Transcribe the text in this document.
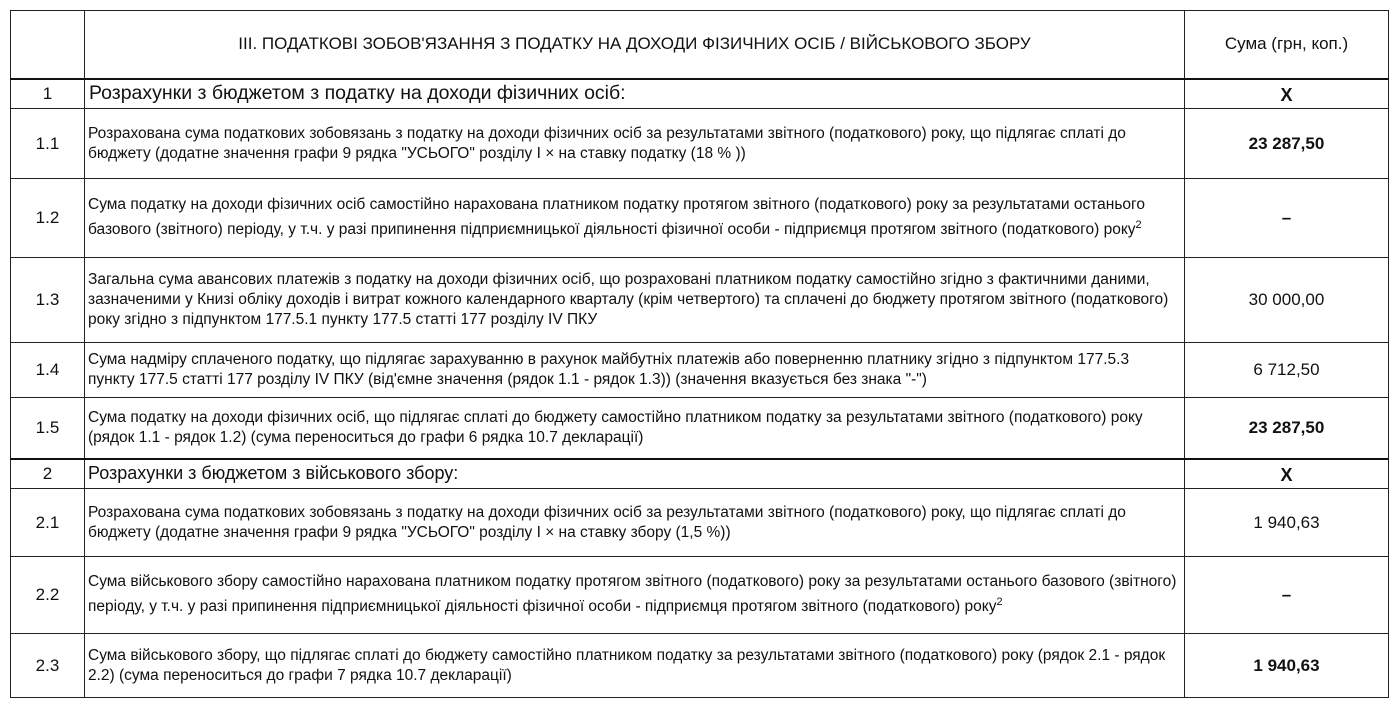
	ІІІ. ПОДАТКОВІ ЗОБОВ'ЯЗАННЯ З ПОДАТКУ НА ДОХОДИ ФІЗИЧНИХ ОСІБ / ВІЙСЬКОВОГО ЗБОРУ	Сума (грн, коп.)
1	Розрахунки з бюджетом з податку на доходи фізичних осіб:	Х
1.1	Розрахована сума податкових зобовязань з податку на доходи фізичних осіб за результатами звітного (податкового) року, що підлягає сплаті до бюджету (додатне значення графи 9 рядка "УСЬОГО" розділу І × на ставку податку (18 % ))	23 287,50
1.2	Сума податку на доходи фізичних осіб самостійно нарахована платником податку протягом звітного (податкового) року за результатами останього базового (звітного) періоду, у т.ч. у разі припинення підприємницької діяльності фізичної особи - підприємця протягом звітного (податкового) року$^2$	–
1.3	Загальна сума авансових платежів з податку на доходи фізичних осіб, що розраховані платником податку самостійно згідно з фактичними даними, зазначеними у Книзі обліку доходів і витрат кожного календарного кварталу (крім четвертого) та сплачені до бюджету протягом звітного (податкового) року згідно з підпунктом 177.5.1 пункту 177.5 статті 177 розділу IV ПКУ	30 000,00
1.4	Сума надміру сплаченого податку, що підлягає зарахуванню в рахунок майбутніх платежів або поверненню платнику згідно з підпунктом 177.5.3 пункту 177.5 статті 177 розділу IV ПКУ (від'ємне значення (рядок 1.1 - рядок 1.3)) (значення вказується без знака "-")	6 712,50
1.5	Сума податку на доходи фізичних осіб, що підлягає сплаті до бюджету самостійно платником податку за результатами звітного (податкового) року (рядок 1.1 - рядок 1.2) (сума переноситься до графи 6 рядка 10.7 декларації)	23 287,50
2	Розрахунки з бюджетом з військового збору:	Х
2.1	Розрахована сума податкових зобовязань з податку на доходи фізичних осіб за результатами звітного (податкового) року, що підлягає сплаті до бюджету (додатне значення графи 9 рядка "УСЬОГО" розділу І × на ставку збору (1,5 %))	1 940,63
2.2	Сума військового збору самостійно нарахована платником податку протягом звітного (податкового) року за результатами останього базового (звітного) періоду, у т.ч. у разі припинення підприємницької діяльності фізичної особи - підприємця протягом звітного (податкового) року$^2$	–
2.3	Сума військового збору, що підлягає сплаті до бюджету самостійно платником податку за результатами звітного (податкового) року (рядок 2.1 - рядок 2.2) (сума переноситься до графи 7 рядка 10.7 декларації)	1 940,63
